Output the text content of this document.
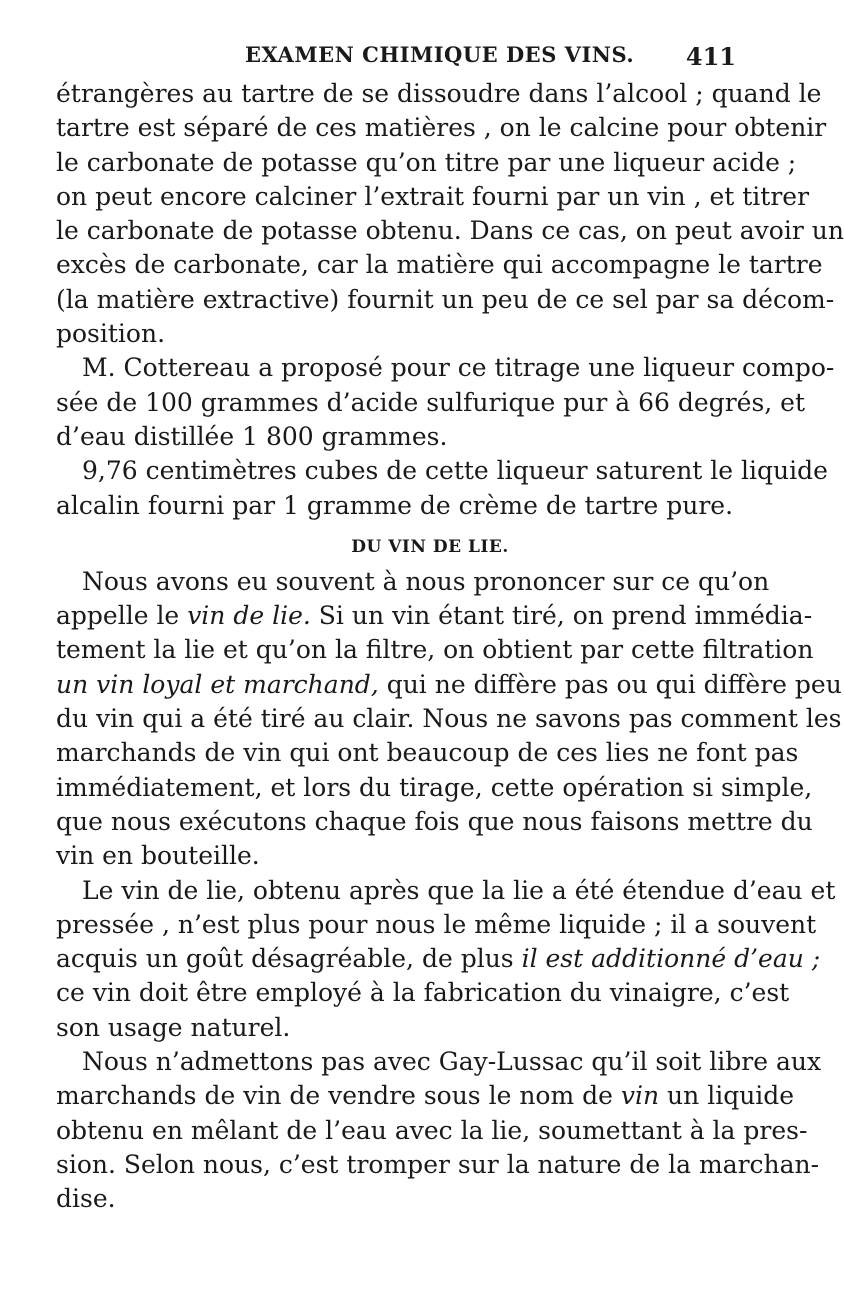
EXAMEN CHIMIQUE DES VINS. 411
étrangères au tartre de se dissoudre dans l’alcool ; quand le
tartre est séparé de ces matières , on le calcine pour obtenir
le carbonate de potasse qu’on titre par une liqueur acide ;
on peut encore calciner l’extrait fourni par un vin , et titrer
le carbonate de potasse obtenu. Dans ce cas, on peut avoir un
excès de carbonate, car la matière qui accompagne le tartre
(la matière extractive) fournit un peu de ce sel par sa décom-
position.
M. Cottereau a proposé pour ce titrage une liqueur compo-
sée de 100 grammes d’acide sulfurique pur à 66 degrés, et
d’eau distillée 1 800 grammes.
9,76 centimètres cubes de cette liqueur saturent le liquide
alcalin fourni par 1 gramme de crème de tartre pure.
DU VIN DE LIE.
Nous avons eu souvent à nous prononcer sur ce qu’on
appelle le vin de lie. Si un vin étant tiré, on prend immédia-
tement la lie et qu’on la filtre, on obtient par cette filtration
un vin loyal et marchand, qui ne diffère pas ou qui diffère peu
du vin qui a été tiré au clair. Nous ne savons pas comment les
marchands de vin qui ont beaucoup de ces lies ne font pas
immédiatement, et lors du tirage, cette opération si simple,
que nous exécutons chaque fois que nous faisons mettre du
vin en bouteille.
Le vin de lie, obtenu après que la lie a été étendue d’eau et
pressée , n’est plus pour nous le même liquide ; il a souvent
acquis un goût désagréable, de plus il est additionné d’eau ;
ce vin doit être employé à la fabrication du vinaigre, c’est
son usage naturel.
Nous n’admettons pas avec Gay-Lussac qu’il soit libre aux
marchands de vin de vendre sous le nom de vin un liquide
obtenu en mêlant de l’eau avec la lie, soumettant à la pres-
sion. Selon nous, c’est tromper sur la nature de la marchan-
dise.
